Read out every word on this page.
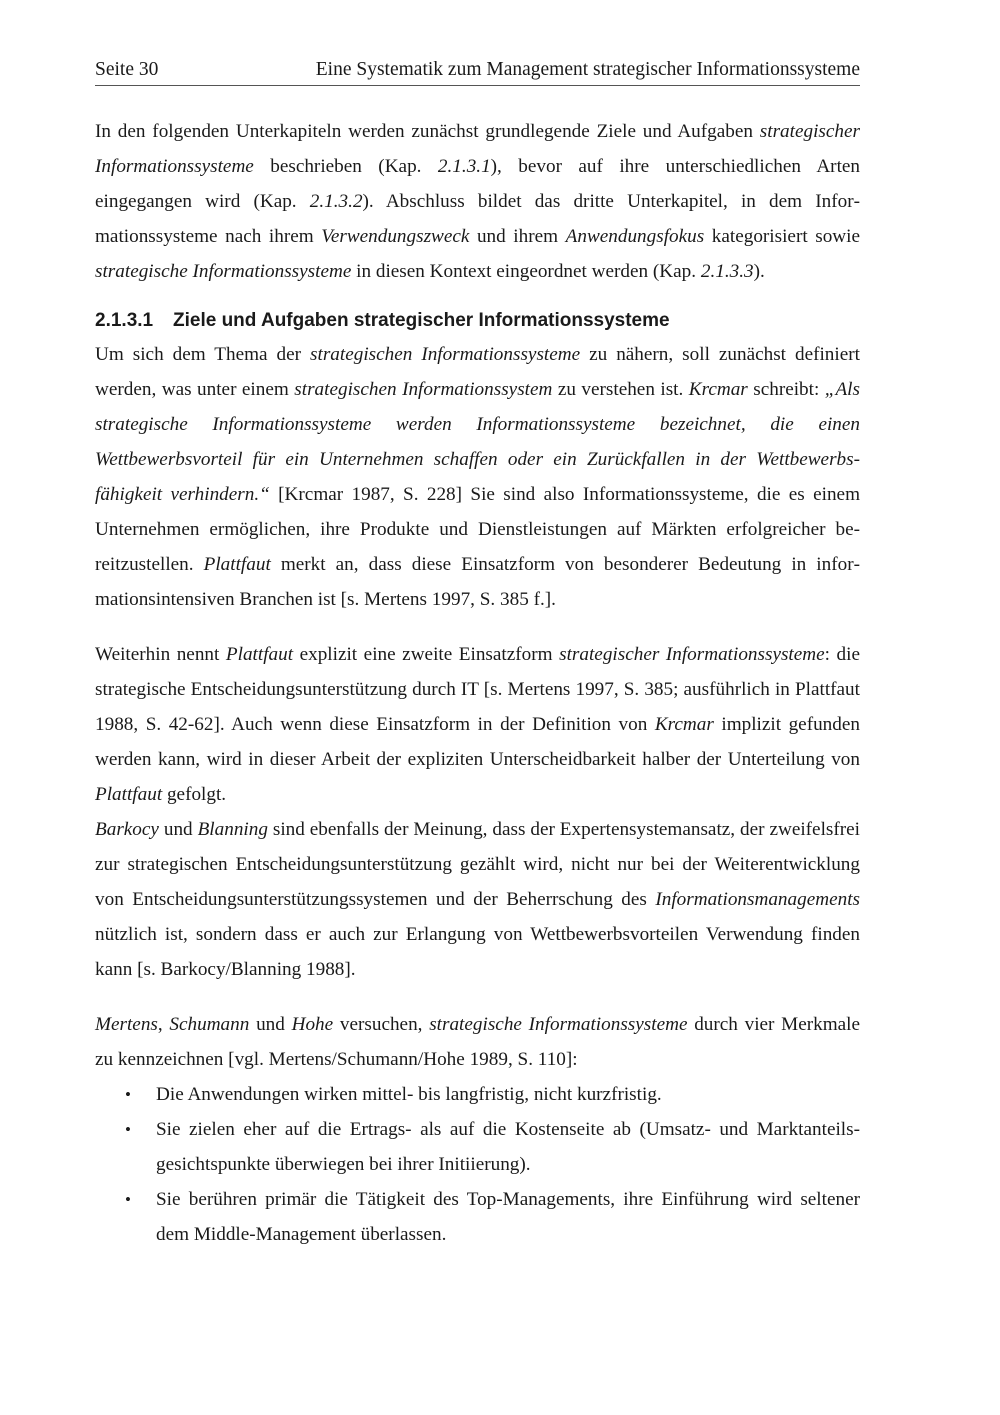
Seite 30	Eine Systematik zum Management strategischer Informationssysteme

In den folgenden Unterkapiteln werden zunächst grundlegende Ziele und Aufgaben strategischer Informationssysteme beschrieben (Kap. 2.1.3.1), bevor auf ihre unterschiedlichen Arten eingegangen wird (Kap. 2.1.3.2). Abschluss bildet das dritte Unterkapitel, in dem Informationssysteme nach ihrem Verwendungszweck und ihrem Anwendungsfokus kategorisiert sowie strategische Informationssysteme in diesen Kontext eingeordnet werden (Kap. 2.1.3.3).

2.1.3.1	Ziele und Aufgaben strategischer Informationssysteme

Um sich dem Thema der strategischen Informationssysteme zu nähern, soll zunächst definiert werden, was unter einem strategischen Informationssystem zu verstehen ist. Krcmar schreibt: „Als strategische Informationssysteme werden Informationssysteme bezeichnet, die einen Wettbewerbsvorteil für ein Unternehmen schaffen oder ein Zurückfallen in der Wettbewerbsfähigkeit verhindern.“ [Krcmar 1987, S. 228] Sie sind also Informationssysteme, die es einem Unternehmen ermöglichen, ihre Produkte und Dienstleistungen auf Märkten erfolgreicher bereitzustellen. Plattfaut merkt an, dass diese Einsatzform von besonderer Bedeutung in informationsintensiven Branchen ist [s. Mertens 1997, S. 385 f.].

Weiterhin nennt Plattfaut explizit eine zweite Einsatzform strategischer Informationssysteme: die strategische Entscheidungsunterstützung durch IT [s. Mertens 1997, S. 385; ausführlich in Plattfaut 1988, S. 42-62]. Auch wenn diese Einsatzform in der Definition von Krcmar implizit gefunden werden kann, wird in dieser Arbeit der expliziten Unterscheidbarkeit halber der Unterteilung von Plattfaut gefolgt.

Barkocy und Blanning sind ebenfalls der Meinung, dass der Expertensystemansatz, der zweifelsfrei zur strategischen Entscheidungsunterstützung gezählt wird, nicht nur bei der Weiterentwicklung von Entscheidungsunterstützungssystemen und der Beherrschung des Informationsmanagements nützlich ist, sondern dass er auch zur Erlangung von Wettbewerbsvorteilen Verwendung finden kann [s. Barkocy/Blanning 1988].

Mertens, Schumann und Hohe versuchen, strategische Informationssysteme durch vier Merkmale zu kennzeichnen [vgl. Mertens/Schumann/Hohe 1989, S. 110]:

• Die Anwendungen wirken mittel- bis langfristig, nicht kurzfristig.
• Sie zielen eher auf die Ertrags- als auf die Kostenseite ab (Umsatz- und Marktanteilsgesichtspunkte überwiegen bei ihrer Initiierung).
• Sie berühren primär die Tätigkeit des Top-Managements, ihre Einführung wird seltener dem Middle-Management überlassen.
